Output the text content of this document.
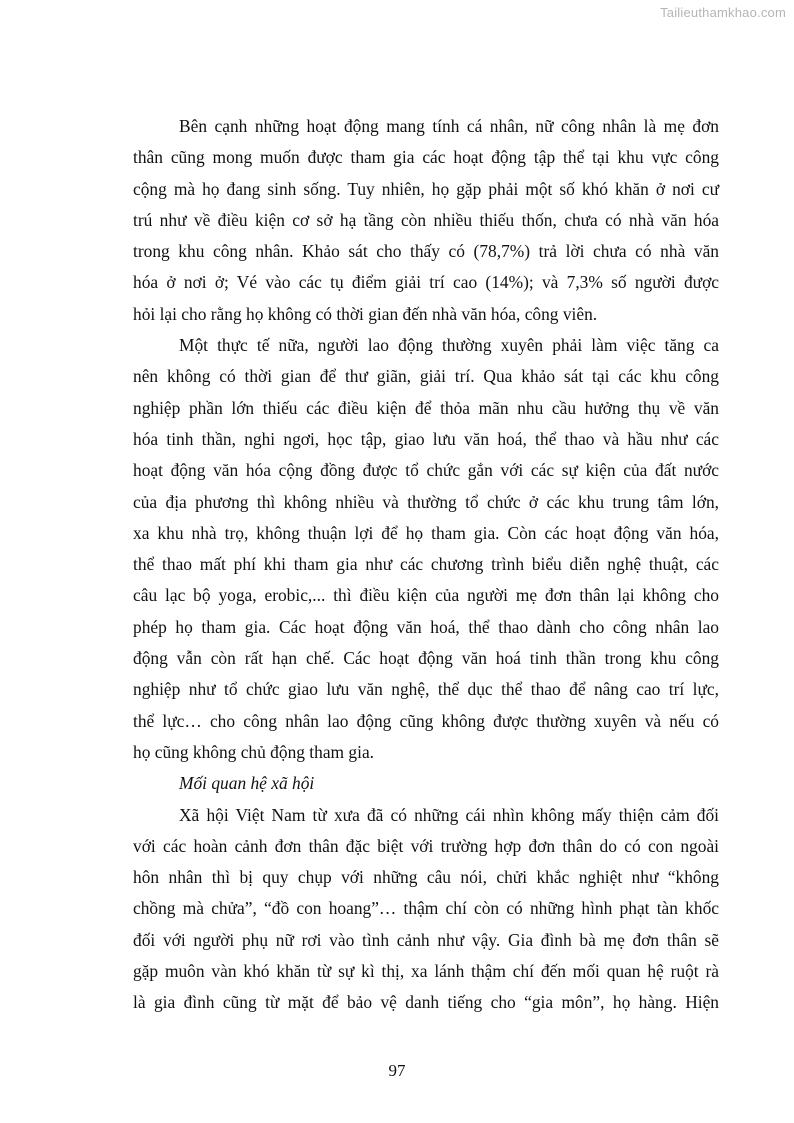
Tailieuthamkhao.com

Bên cạnh những hoạt động mang tính cá nhân, nữ công nhân là mẹ đơn
thân cũng mong muốn được tham gia các hoạt động tập thể tại khu vực công
cộng mà họ đang sinh sống. Tuy nhiên, họ gặp phải một số khó khăn ở nơi cư
trú như về điều kiện cơ sở hạ tầng còn nhiều thiếu thốn, chưa có nhà văn hóa
trong khu công nhân. Khảo sát cho thấy có (78,7%) trả lời chưa có nhà văn
hóa ở nơi ở; Vé vào các tụ điểm giải trí cao (14%); và 7,3% số người được
hỏi lại cho rằng họ không có thời gian đến nhà văn hóa, công viên.

Một thực tế nữa, người lao động thường xuyên phải làm việc tăng ca
nên không có thời gian để thư giãn, giải trí. Qua khảo sát tại các khu công
nghiệp phần lớn thiếu các điều kiện để thỏa mãn nhu cầu hưởng thụ về văn
hóa tinh thần, nghi ngơi, học tập, giao lưu văn hoá, thể thao và hầu như các
hoạt động văn hóa cộng đồng được tổ chức gắn với các sự kiện của đất nước
của địa phương thì không nhiều và thường tổ chức ở các khu trung tâm lớn,
xa khu nhà trọ, không thuận lợi để họ tham gia. Còn các hoạt động văn hóa,
thể thao mất phí khi tham gia như các chương trình biểu diễn nghệ thuật, các
câu lạc bộ yoga, erobic,... thì điều kiện của người mẹ đơn thân lại không cho
phép họ tham gia. Các hoạt động văn hoá, thể thao dành cho công nhân lao
động vẫn còn rất hạn chế. Các hoạt động văn hoá tinh thần trong khu công
nghiệp như tổ chức giao lưu văn nghệ, thể dục thể thao để nâng cao trí lực,
thể lực… cho công nhân lao động cũng không được thường xuyên và nếu có
họ cũng không chủ động tham gia.

Mối quan hệ xã hội

Xã hội Việt Nam từ xưa đã có những cái nhìn không mấy thiện cảm đối
với các hoàn cảnh đơn thân đặc biệt với trường hợp đơn thân do có con ngoài
hôn nhân thì bị quy chụp với những câu nói, chửi khắc nghiệt như “không
chồng mà chửa”, “đồ con hoang”… thậm chí còn có những hình phạt tàn khốc
đối với người phụ nữ rơi vào tình cảnh như vậy. Gia đình bà mẹ đơn thân sẽ
gặp muôn vàn khó khăn từ sự kì thị, xa lánh thậm chí đến mối quan hệ ruột rà
là gia đình cũng từ mặt để bảo vệ danh tiếng cho “gia môn”, họ hàng. Hiện

97
